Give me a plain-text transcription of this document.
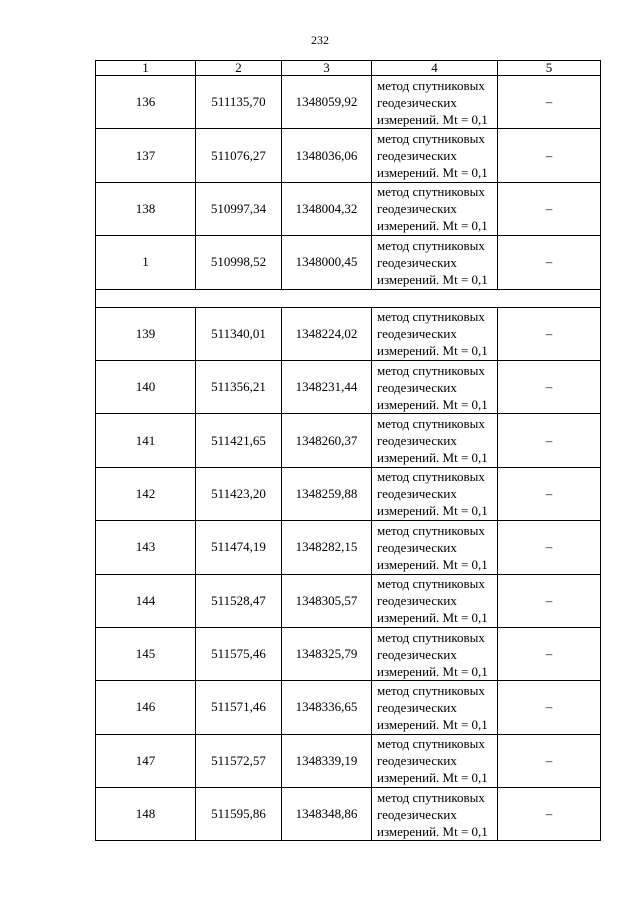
232
1	2	3	4	5
136	511135,70	1348059,92	метод спутниковых
геодезических
измерений. Mt = 0,1	–
137	511076,27	1348036,06	метод спутниковых
геодезических
измерений. Mt = 0,1	–
138	510997,34	1348004,32	метод спутниковых
геодезических
измерений. Mt = 0,1	–
1	510998,52	1348000,45	метод спутниковых
геодезических
измерений. Mt = 0,1	–

139	511340,01	1348224,02	метод спутниковых
геодезических
измерений. Mt = 0,1	–
140	511356,21	1348231,44	метод спутниковых
геодезических
измерений. Mt = 0,1	–
141	511421,65	1348260,37	метод спутниковых
геодезических
измерений. Mt = 0,1	–
142	511423,20	1348259,88	метод спутниковых
геодезических
измерений. Mt = 0,1	–
143	511474,19	1348282,15	метод спутниковых
геодезических
измерений. Mt = 0,1	–
144	511528,47	1348305,57	метод спутниковых
геодезических
измерений. Mt = 0,1	–
145	511575,46	1348325,79	метод спутниковых
геодезических
измерений. Mt = 0,1	–
146	511571,46	1348336,65	метод спутниковых
геодезических
измерений. Mt = 0,1	–
147	511572,57	1348339,19	метод спутниковых
геодезических
измерений. Mt = 0,1	–
148	511595,86	1348348,86	метод спутниковых
геодезических
измерений. Mt = 0,1	–
